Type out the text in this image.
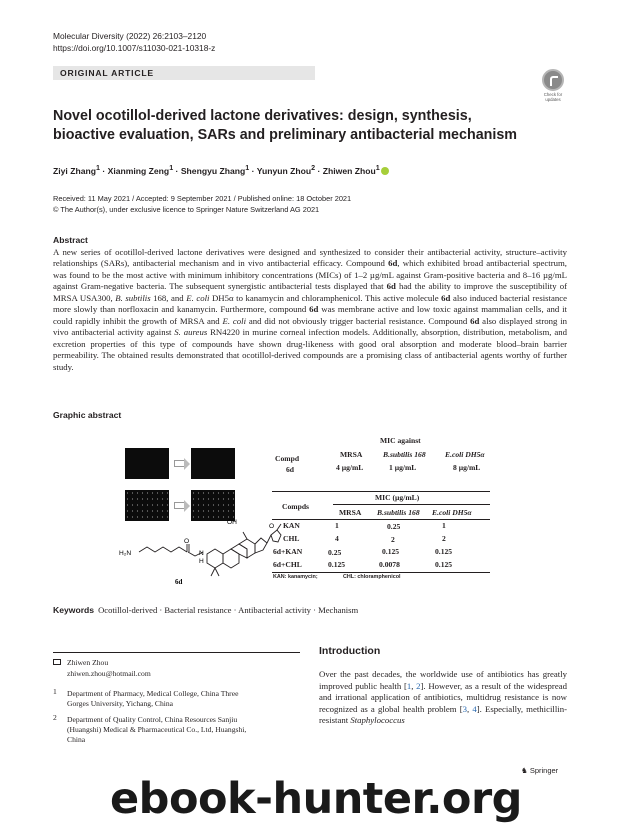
Molecular Diversity (2022) 26:2103–2120
https://doi.org/10.1007/s11030-021-10318-z
ORIGINAL ARTICLE
Check for updates
Novel ocotillol-derived lactone derivatives: design, synthesis, bioactive evaluation, SARs and preliminary antibacterial mechanism
Ziyi Zhang$^1$ · Xianming Zeng$^1$ · Shengyu Zhang$^1$ · Yunyun Zhou$^2$ · Zhiwen Zhou$^1$
Received: 11 May 2021 / Accepted: 9 September 2021 / Published online: 18 October 2021
© The Author(s), under exclusive licence to Springer Nature Switzerland AG 2021
Abstract
A new series of ocotillol-derived lactone derivatives were designed and synthesized to consider their antibacterial activity, structure–activity relationships (SARs), antibacterial mechanism and in vivo antibacterial efficacy. Compound 6d, which exhibited broad antibacterial spectrum, was found to be the most active with minimum inhibitory concentrations (MICs) of 1–2 µg/mL against Gram-positive bacteria and 8–16 µg/mL against Gram-negative bacteria. The subsequent synergistic antibacterial tests displayed that 6d had the ability to improve the susceptibility of MRSA USA300, B. subtilis 168, and E. coli DH5α to kanamycin and chloramphenicol. This active molecule 6d also induced bacterial resistance more slowly than norfloxacin and kanamycin. Furthermore, compound 6d was membrane active and low toxic against mammalian cells, and it could rapidly inhibit the growth of MRSA and E. coli and did not obviously trigger bacterial resistance. Compound 6d also displayed strong in vivo antibacterial activity against S. aureus RN4220 in murine corneal infection models. Additionally, absorption, distribution, metabolism, and excretion properties of this type of compounds have shown drug-likeness with good oral absorption and moderate blood–brain barrier permeability. The obtained results demonstrated that ocotillol-derived compounds are a promising class of antibacterial agents worthy of further study.
Graphic abstract
MIC against
Compd
6d
MRSA	B.subtilis 168	E.coli DH5α
4 µg/mL	1 µg/mL	8 µg/mL
H₂N	N
H
OH
O
O
6d
MIC (µg/mL)
Compds
MRSA B.subtilis 168 E.coli DH5α
KAN	1	0.25	1
CHL	4	2	2
6d+KAN	0.25	0.125	0.125
6d+CHL	0.125	0.0078	0.125
KAN: kanamycin;	CHL: chloramphenicol
Keywords Ocotillol-derived · Bacterial resistance · Antibacterial activity · Mechanism
Zhiwen Zhou
zhiwen.zhou@hotmail.com
1 Department of Pharmacy, Medical College, China Three
Gorges University, Yichang, China
2 Department of Quality Control, China Resources Sanjiu
(Huangshi) Medical & Pharmaceutical Co., Ltd, Huangshi,
China
Introduction
Over the past decades, the worldwide use of antibiotics has greatly improved public health [1, 2]. However, as a result of the widespread and irrational application of antibiotics, multidrug resistance is now recognized as a global health problem [3, 4]. Especially, methicillin-resistant Staphylococcus
♞ Springer
ebook-hunter.org
